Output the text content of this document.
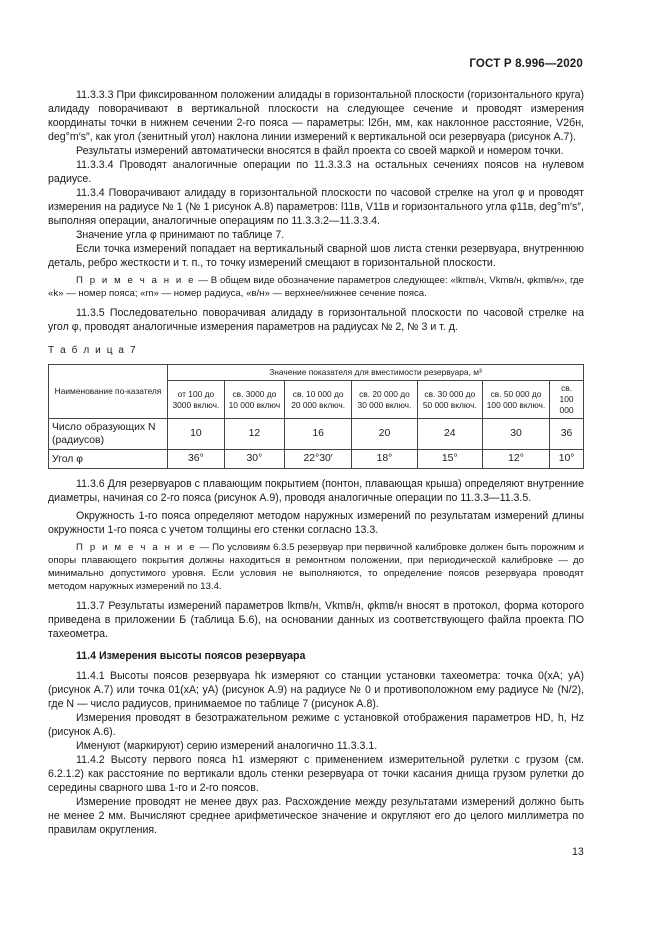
ГОСТ Р 8.996—2020

11.3.3.3 При фиксированном положении алидады в горизонтальной плоскости (горизонтального круга) алидаду поворачивают в вертикальной плоскости на следующее сечение и проводят измерения координаты точки в нижнем сечении 2-го пояса — параметры: l2бн, мм, как наклонное расстояние, V2бн, deg°m′s″, как угол (зенитный угол) наклона линии измерений к вертикальной оси резервуара (рисунок А.7).

Результаты измерений автоматически вносятся в файл проекта со своей маркой и номером точки.

11.3.3.4 Проводят аналогичные операции по 11.3.3.3 на остальных сечениях поясов на нулевом радиусе.

11.3.4 Поворачивают алидаду в горизонтальной плоскости по часовой стрелке на угол φ и проводят измерения на радиусе № 1 (№ 1 рисунок А.8) параметров: l11в, V11в и горизонтального угла φ11в, deg°m′s″, выполняя операции, аналогичные операциям по 11.3.3.2—11.3.3.4.

Значение угла φ принимают по таблице 7.

Если точка измерений попадает на вертикальный сварной шов листа стенки резервуара, внутреннюю деталь, ребро жесткости и т. п., то точку измерений смещают в горизонтальной плоскости.

П р и м е ч а н и е — В общем виде обозначение параметров следующее: «lkmв/н, Vkmв/н, φkmв/н», где «k» — номер пояса; «m» — номер радиуса, «в/н» — верхнее/нижнее сечение пояса.

11.3.5 Последовательно поворачивая алидаду в горизонтальной плоскости по часовой стрелке на угол φ, проводят аналогичные измерения параметров на радиусах № 2, № 3 и т. д.

Т а б л и ц а 7
Наименование по-казателя	Значение показателя для вместимости резервуара, м³						
	от 100 до 3000 включ.	св. 3000 до 10 000 включ	св. 10 000 до 20 000 включ.	св. 20 000 до 30 000 включ.	св. 30 000 до 50 000 включ.	св. 50 000 до 100 000 включ.	св. 100 000
Число образующих N (радиусов)	10	12	16	20	24	30	36
Угол φ	36°	30°	22°30′	18°	15°	12°	10°

11.3.6 Для резервуаров с плавающим покрытием (понтон, плавающая крыша) определяют внутренние диаметры, начиная со 2-го пояса (рисунок А.9), проводя аналогичные операции по 11.3.3—11.3.5.

Окружность 1-го пояса определяют методом наружных измерений по результатам измерений длины окружности 1-го пояса с учетом толщины его стенки согласно 13.3.

П р и м е ч а н и е — По условиям 6.3.5 резервуар при первичной калибровке должен быть порожним и опоры плавающего покрытия должны находиться в ремонтном положении, при периодической калибровке — до минимально допустимого уровня. Если условия не выполняются, то определение поясов резервуара проводят методом наружных измерений по 13.4.

11.3.7 Результаты измерений параметров lkmв/н, Vkmв/н, φkmв/н вносят в протокол, форма которого приведена в приложении Б (таблица Б.6), на основании данных из соответствующего файла проекта ПО тахеометра.

11.4 Измерения высоты поясов резервуара

11.4.1 Высоты поясов резервуара hk измеряют со станции установки тахеометра: точка 0(xA; yA) (рисунок А.7) или точка 01(xA; yA) (рисунок А.9) на радиусе № 0 и противоположном ему радиусе № (N/2), где N — число радиусов, принимаемое по таблице 7 (рисунок А.8).

Измерения проводят в безотражательном режиме с установкой отображения параметров HD, h, Hz (рисунок А.6).

Именуют (маркируют) серию измерений аналогично 11.3.3.1.

11.4.2 Высоту первого пояса h1 измеряют с применением измерительной рулетки с грузом (см. 6.2.1.2) как расстояние по вертикали вдоль стенки резервуара от точки касания днища грузом рулетки до середины сварного шва 1-го и 2-го поясов.

Измерение проводят не менее двух раз. Расхождение между результатами измерений должно быть не менее 2 мм. Вычисляют среднее арифметическое значение и округляют его до целого миллиметра по правилам округления.

13
